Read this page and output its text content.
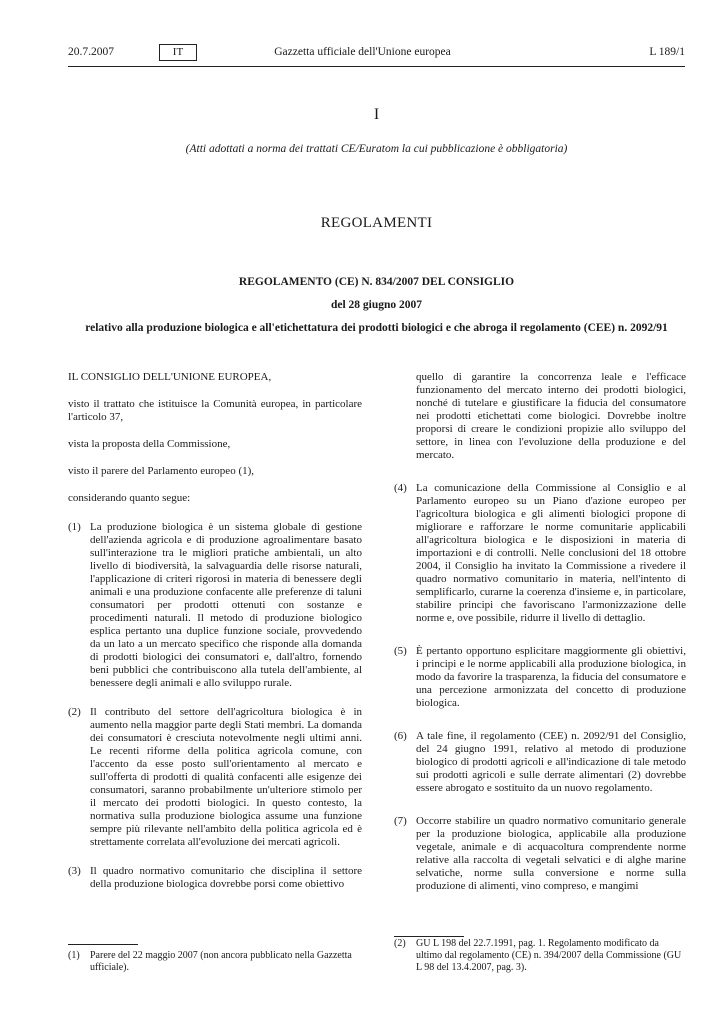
20.7.2007	IT	Gazzetta ufficiale dell'Unione europea	L 189/1
I
(Atti adottati a norma dei trattati CE/Euratom la cui pubblicazione è obbligatoria)
REGOLAMENTI
REGOLAMENTO (CE) N. 834/2007 DEL CONSIGLIO
del 28 giugno 2007
relativo alla produzione biologica e all'etichettatura dei prodotti biologici e che abroga il regolamento (CEE) n. 2092/91

IL CONSIGLIO DELL'UNIONE EUROPEA,

visto il trattato che istituisce la Comunità europea, in particolare l'articolo 37,

vista la proposta della Commissione,

visto il parere del Parlamento europeo (1),

considerando quanto segue:

(1) La produzione biologica è un sistema globale di gestione dell'azienda agricola e di produzione agroalimentare basato sull'interazione tra le migliori pratiche ambientali, un alto livello di biodiversità, la salvaguardia delle risorse naturali, l'applicazione di criteri rigorosi in materia di benessere degli animali e una produzione confacente alle preferenze di taluni consumatori per prodotti ottenuti con sostanze e procedimenti naturali. Il metodo di produzione biologico esplica pertanto una duplice funzione sociale, provvedendo da un lato a un mercato specifico che risponde alla domanda di prodotti biologici dei consumatori e, dall'altro, fornendo beni pubblici che contribuiscono alla tutela dell'ambiente, al benessere degli animali e allo sviluppo rurale.
(2) Il contributo del settore dell'agricoltura biologica è in aumento nella maggior parte degli Stati membri. La domanda dei consumatori è cresciuta notevolmente negli ultimi anni. Le recenti riforme della politica agricola comune, con l'accento da esse posto sull'orientamento al mercato e sull'offerta di prodotti di qualità confacenti alle esigenze dei consumatori, saranno probabilmente un'ulteriore stimolo per il mercato dei prodotti biologici. In questo contesto, la normativa sulla produzione biologica assume una funzione sempre più rilevante nell'ambito della politica agricola ed è strettamente correlata all'evoluzione dei mercati agricoli.
(3) Il quadro normativo comunitario che disciplina il settore della produzione biologica dovrebbe porsi come obiettivo
quello di garantire la concorrenza leale e l'efficace funzionamento del mercato interno dei prodotti biologici, nonché di tutelare e giustificare la fiducia del consumatore nei prodotti etichettati come biologici. Dovrebbe inoltre proporsi di creare le condizioni propizie allo sviluppo del settore, in linea con l'evoluzione della produzione e del mercato.
(4) La comunicazione della Commissione al Consiglio e al Parlamento europeo su un Piano d'azione europeo per l'agricoltura biologica e gli alimenti biologici propone di migliorare e rafforzare le norme comunitarie applicabili all'agricoltura biologica e le disposizioni in materia di importazioni e di controlli. Nelle conclusioni del 18 ottobre 2004, il Consiglio ha invitato la Commissione a rivedere il quadro normativo comunitario in materia, nell'intento di semplificarlo, curarne la coerenza d'insieme e, in particolare, stabilire principi che favoriscano l'armonizzazione delle norme e, ove possibile, ridurre il livello di dettaglio.
(5) È pertanto opportuno esplicitare maggiormente gli obiettivi, i principi e le norme applicabili alla produzione biologica, in modo da favorire la trasparenza, la fiducia del consumatore e una percezione armonizzata del concetto di produzione biologica.
(6) A tale fine, il regolamento (CEE) n. 2092/91 del Consiglio, del 24 giugno 1991, relativo al metodo di produzione biologico di prodotti agricoli e all'indicazione di tale metodo sui prodotti agricoli e sulle derrate alimentari (2) dovrebbe essere abrogato e sostituito da un nuovo regolamento.
(7) Occorre stabilire un quadro normativo comunitario generale per la produzione biologica, applicabile alla produzione vegetale, animale e di acquacoltura comprendente norme relative alla raccolta di vegetali selvatici e di alghe marine selvatiche, norme sulla conversione e norme sulla produzione di alimenti, vino compreso, e mangimi
(1)	Parere del 22 maggio 2007 (non ancora pubblicato nella Gazzetta ufficiale).
(2)	GU L 198 del 22.7.1991, pag. 1. Regolamento modificato da ultimo dal regolamento (CE) n. 394/2007 della Commissione (GU L 98 del 13.4.2007, pag. 3).
